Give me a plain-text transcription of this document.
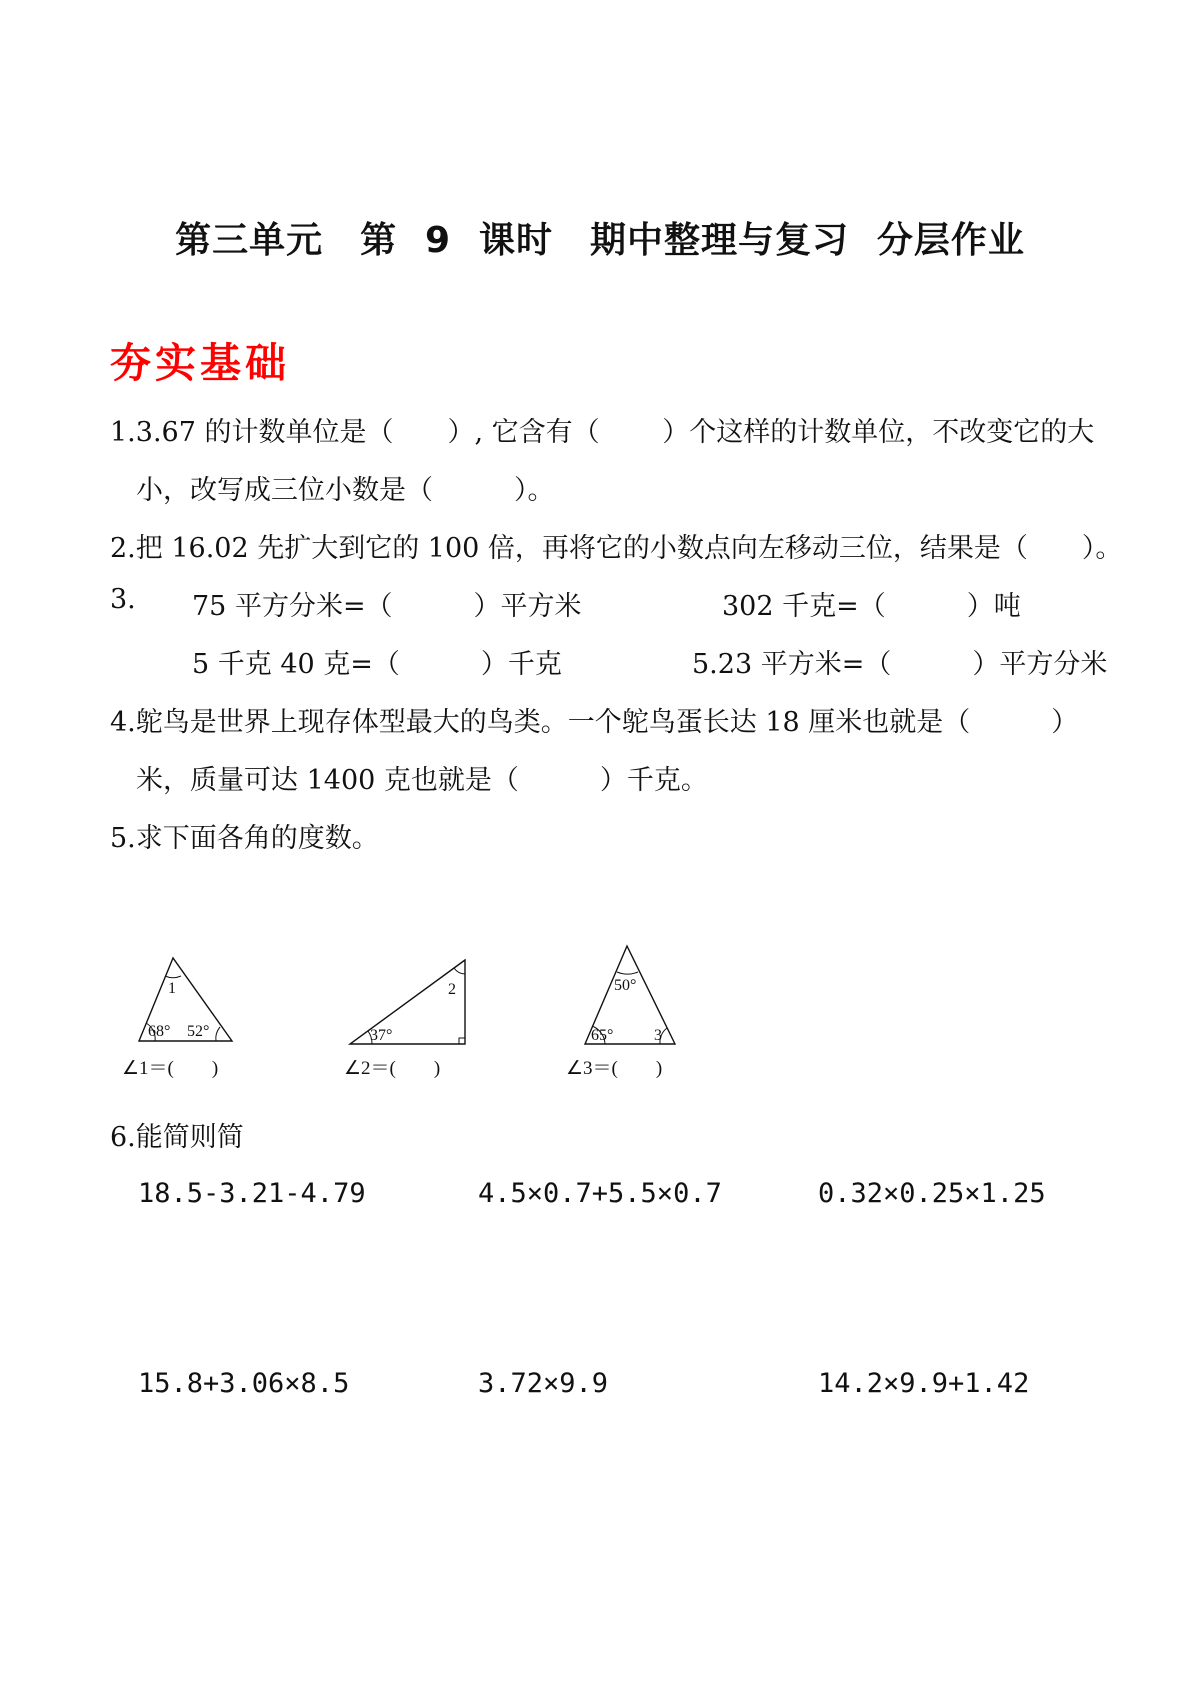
第三单元　第 9 课时　期中整理与复习 分层作业
夯实基础
1.3.67 的计数单位是（　　）, 它含有（　　 ）个这样的计数单位，不改变它的大
小，改写成三位小数是（　　　）。
2.把 16.02 先扩大到它的 100 倍，再将它的小数点向左移动三位，结果是（　　）。
3. 75 平方分米=（　　　）平方米	302 千克=（　　　）吨
5 千克 40 克=（　　　）千克	5.23 平方米=（　　　）平方分米
4.鸵鸟是世界上现存体型最大的鸟类。一个鸵鸟蛋长达 18 厘米也就是（　　　）
米，质量可达 1400 克也就是（　　　）千克。
5.求下面各角的度数。
1
68° 52°
∠1＝(　　)
2
37°
∠2＝(　　)
50°
65°	3
∠3＝(　　)
6.能简则简
18.5-3.21-4.79	4.5×0.7+5.5×0.7	0.32×0.25×1.25
15.8+3.06×8.5	3.72×9.9	14.2×9.9+1.42
